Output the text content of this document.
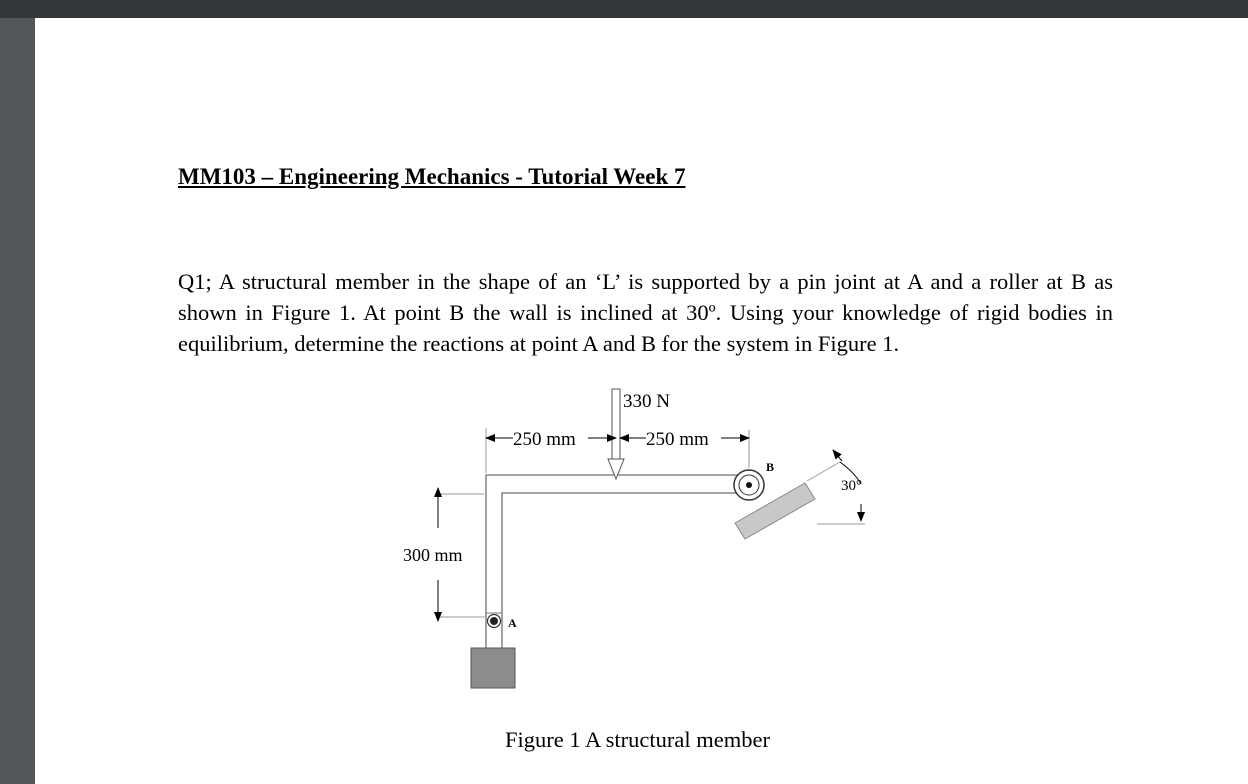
MM103 – Engineering Mechanics - Tutorial Week 7
Q1; A structural member in the shape of an ‘L’ is supported by a pin joint at A and a roller at B as shown in Figure 1. At point B the wall is inclined at 30º. Using your knowledge of rigid bodies in equilibrium, determine the reactions at point A and B for the system in Figure 1.
A
B
330 N
250 mm	250 mm
300 mm
30°
Figure 1 A structural member
